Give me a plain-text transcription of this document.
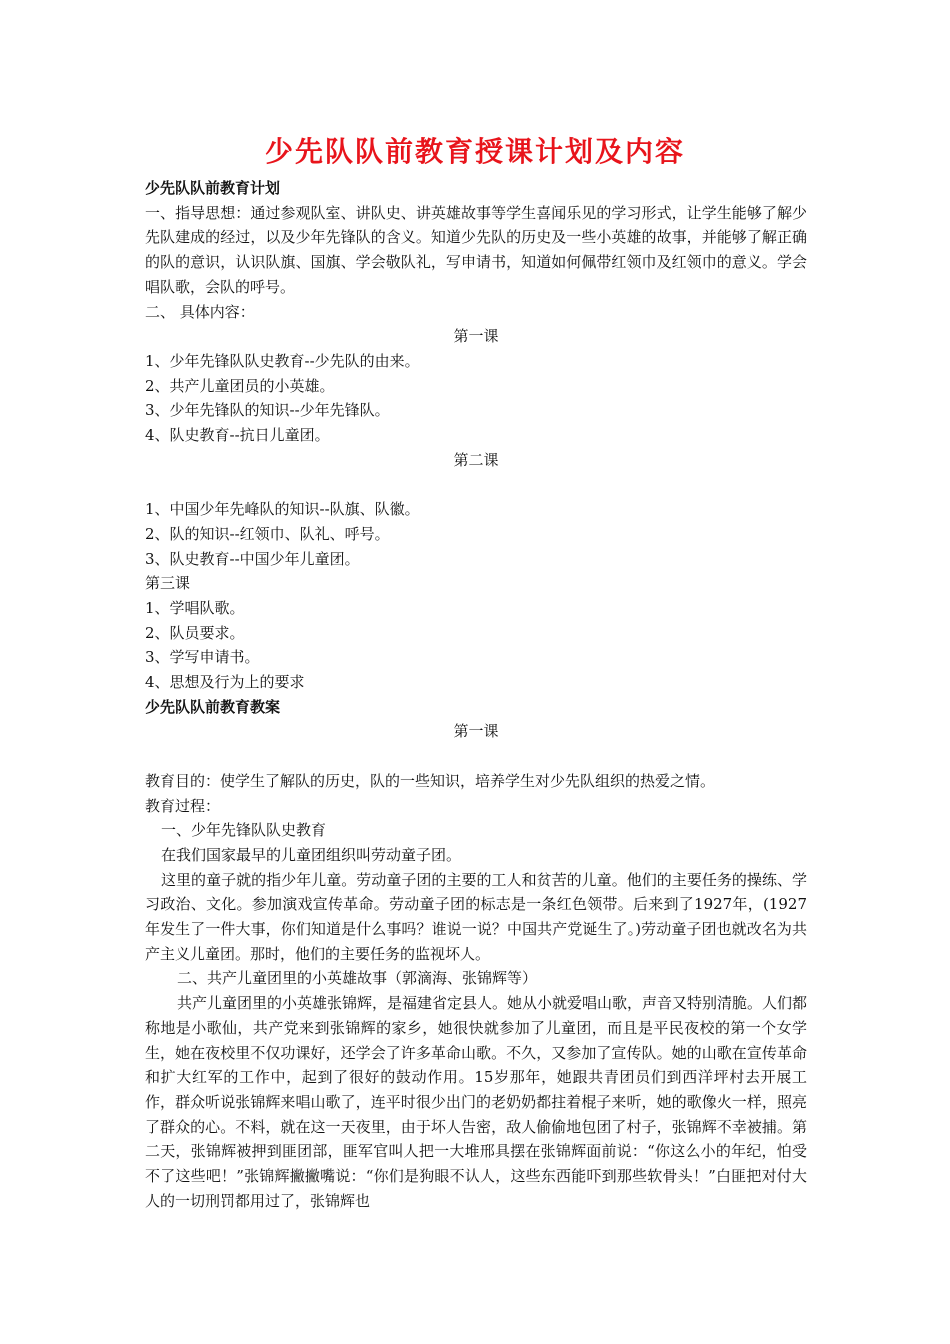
少先队队前教育授课计划及内容

少先队队前教育计划

一、指导思想：通过参观队室、讲队史、讲英雄故事等学生喜闻乐见的学习形式，让学生能够了解少先队建成的经过，以及少年先锋队的含义。知道少先队的历史及一些小英雄的故事，并能够了解正确的队的意识，认识队旗、国旗、学会敬队礼，写申请书，知道如何佩带红领巾及红领巾的意义。学会唱队歌，会队的呼号。

二、 具体内容：

第一课

1、少年先锋队队史教育--少先队的由来。

2、共产儿童团员的小英雄。

3、少年先锋队的知识--少年先锋队。

4、队史教育--抗日儿童团。

第二课

1、中国少年先峰队的知识--队旗、队徽。

2、队的知识--红领巾、队礼、呼号。

3、队史教育--中国少年儿童团。

第三课

1、学唱队歌。

2、队员要求。

3、学写申请书。

4、思想及行为上的要求

少先队队前教育教案

第一课

教育目的：使学生了解队的历史，队的一些知识，培养学生对少先队组织的热爱之情。

教育过程：

一、少年先锋队队史教育

在我们国家最早的儿童团组织叫劳动童子团。

这里的童子就的指少年儿童。劳动童子团的主要的工人和贫苦的儿童。他们的主要任务的操练、学习政治、文化。参加演戏宣传革命。劳动童子团的标志是一条红色领带。后来到了1927年，(1927年发生了一件大事，你们知道是什么事吗？谁说一说？中国共产党诞生了。)劳动童子团也就改名为共产主义儿童团。那时，他们的主要任务的监视坏人。

二、共产儿童团里的小英雄故事（郭滴海、张锦辉等）

共产儿童团里的小英雄张锦辉，是福建省定县人。她从小就爱唱山歌，声音又特别清脆。人们都称地是小歌仙，共产党来到张锦辉的家乡，她很快就参加了儿童团，而且是平民夜校的第一个女学生，她在夜校里不仅功课好，还学会了许多革命山歌。不久，又参加了宣传队。她的山歌在宣传革命和扩大红军的工作中，起到了很好的鼓动作用。15岁那年，她跟共青团员们到西洋坪村去开展工作，群众听说张锦辉来唱山歌了，连平时很少出门的老奶奶都拄着棍子来听，她的歌像火一样，照亮了群众的心。不料，就在这一天夜里，由于坏人告密，敌人偷偷地包团了村子，张锦辉不幸被捕。第二天，张锦辉被押到匪团部，匪军官叫人把一大堆邢具摆在张锦辉面前说：“你这么小的年纪，怕受不了这些吧！”张锦辉撇撇嘴说：“你们是狗眼不认人，这些东西能吓到那些软骨头！”白匪把对付大人的一切刑罚都用过了，张锦辉也
